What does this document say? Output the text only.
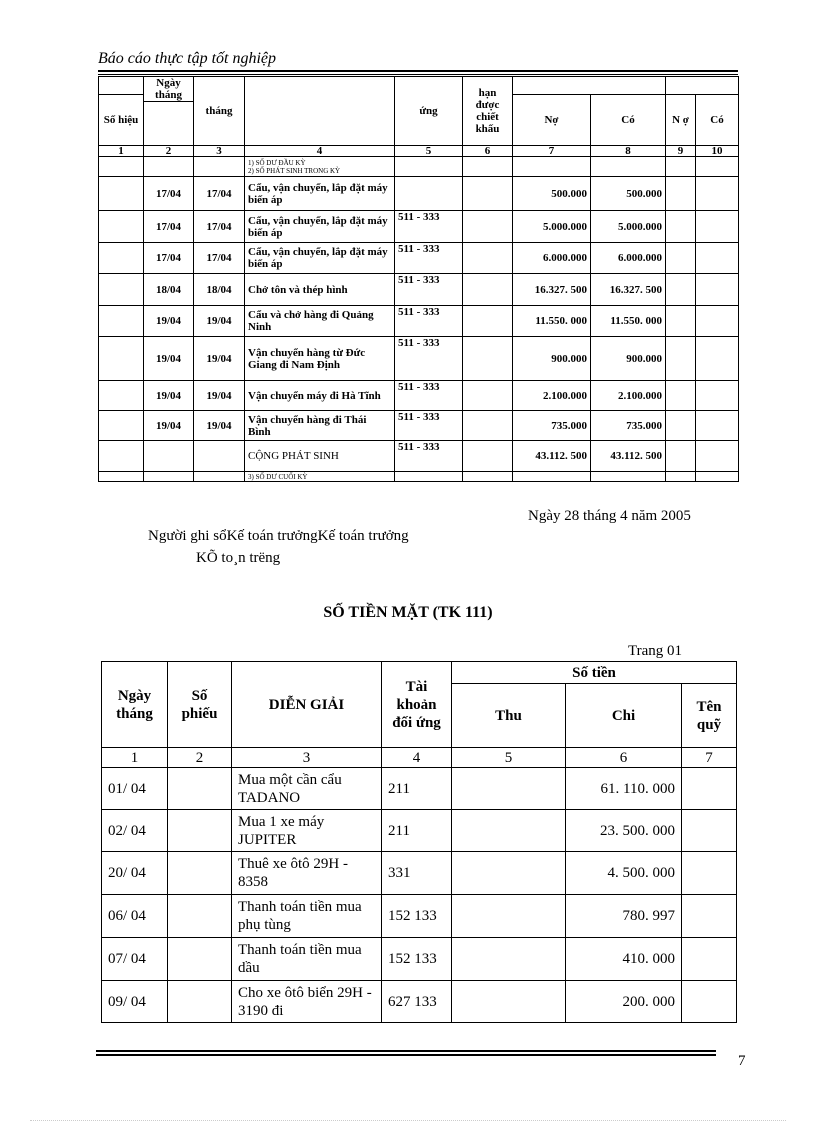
Báo cáo thực tập tốt nghiệp
	Ngày tháng	tháng		ứng	hạn được chiết khấu				
Số hiệu						Nợ	Có	N ợ	Có

1	2	3	4	5	6	7	8	9	10

			1) SỐ DƯ ĐẦU KỲ
2) SỐ PHÁT SINH TRONG KỲ						

	17/04	17/04	Cẩu, vận chuyển, lắp đặt máy biến áp			500.000	500.000		
	17/04	17/04	Cẩu, vận chuyển, lắp đặt máy biến áp	511 - 333		5.000.000	5.000.000		
	17/04	17/04	Cẩu, vận chuyển, lắp đặt máy biến áp	511 - 333		6.000.000	6.000.000		
	18/04	18/04	Chở tôn và thép hình	511 - 333		16.327. 500	16.327. 500		
	19/04	19/04	Cẩu và chở hàng đi Quảng Ninh	511 - 333		11.550. 000	11.550. 000		
	19/04	19/04	Vận chuyển hàng từ Đức Giang đi Nam Định	511 - 333		900.000	900.000		
	19/04	19/04	Vận chuyển máy đi Hà Tĩnh	511 - 333		2.100.000	2.100.000		
	19/04	19/04	Vận chuyển hàng đi Thái Bình	511 - 333		735.000	735.000		
			CỘNG PHÁT SINH	511 - 333		43.112. 500	43.112. 500		
			3) SỐ DƯ CUỐI KỲ						
Ngày 28 tháng 4 năm 2005
Người ghi sổKế toán trưởngKế toán trưởng
KÕ to¸n trëng
SỐ TIỀN MẶT (TK 111)
Trang 01
Ngày tháng	Số phiếu	DIỄN GIẢI	Tài khoản đối ứng	Số tiền		
				Thu	Chi	Tên quỹ
1	2	3	4	5	6	7
01/ 04		Mua một cần cẩu TADANO	211		61. 110. 000	
02/ 04		Mua 1 xe máy JUPITER	211		23. 500. 000	
20/ 04		Thuê xe ôtô 29H - 8358	331		4. 500. 000	
06/ 04		Thanh toán tiền mua phụ tùng	152 133		780. 997	
07/ 04		Thanh toán tiền mua dầu	152 133		410. 000	
09/ 04		Cho xe ôtô biển 29H - 3190 đi	627 133		200. 000	
7
